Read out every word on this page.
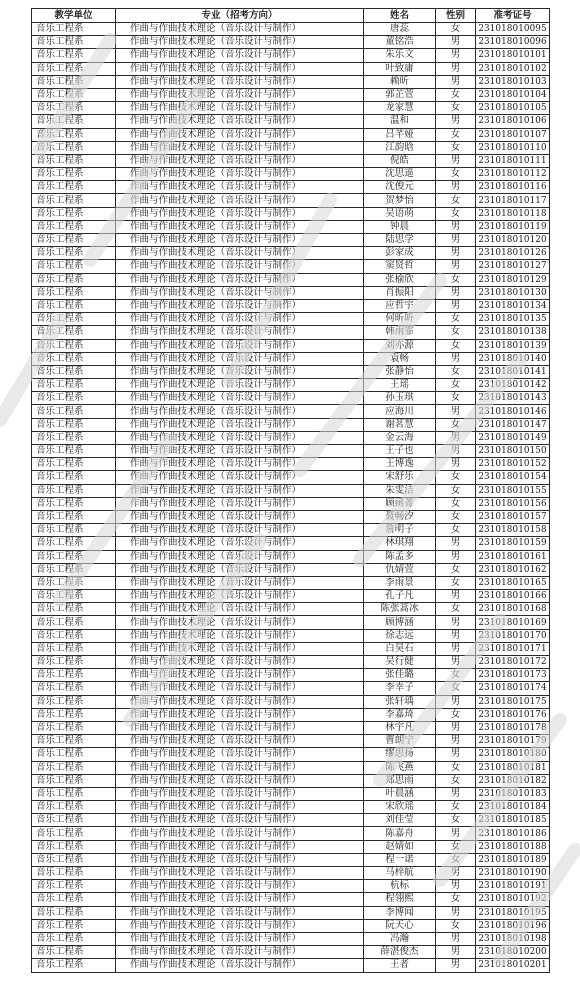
教学单位	专业（招考方向）	姓名	性别	准考证号
音乐工程系	作曲与作曲技术理论（音乐设计与制作）	唐蕊	女	231018010095
音乐工程系	作曲与作曲技术理论（音乐设计与制作）	董铭浩	男	231018010096
音乐工程系	作曲与作曲技术理论（音乐设计与制作）	朱乐文	男	231018010101
音乐工程系	作曲与作曲技术理论（音乐设计与制作）	叶致庸	男	231018010102
音乐工程系	作曲与作曲技术理论（音乐设计与制作）	赖昕	男	231018010103
音乐工程系	作曲与作曲技术理论（音乐设计与制作）	郭芷萱	女	231018010104
音乐工程系	作曲与作曲技术理论（音乐设计与制作）	龙家慧	女	231018010105
音乐工程系	作曲与作曲技术理论（音乐设计与制作）	温和	男	231018010106
音乐工程系	作曲与作曲技术理论（音乐设计与制作）	吕芊娅	女	231018010107
音乐工程系	作曲与作曲技术理论（音乐设计与制作）	江韵晗	女	231018010110
音乐工程系	作曲与作曲技术理论（音乐设计与制作）	倪皓	男	231018010111
音乐工程系	作曲与作曲技术理论（音乐设计与制作）	沈思遥	女	231018010112
音乐工程系	作曲与作曲技术理论（音乐设计与制作）	沈俊元	男	231018010116
音乐工程系	作曲与作曲技术理论（音乐设计与制作）	贺梦怡	女	231018010117
音乐工程系	作曲与作曲技术理论（音乐设计与制作）	吴语萌	女	231018010118
音乐工程系	作曲与作曲技术理论（音乐设计与制作）	钟晨	男	231018010119
音乐工程系	作曲与作曲技术理论（音乐设计与制作）	陆思学	男	231018010120
音乐工程系	作曲与作曲技术理论（音乐设计与制作）	彭家成	男	231018010126
音乐工程系	作曲与作曲技术理论（音乐设计与制作）	窦贤哲	男	231018010127
音乐工程系	作曲与作曲技术理论（音乐设计与制作）	张榆欣	女	231018010129
音乐工程系	作曲与作曲技术理论（音乐设计与制作）	肖振阳	男	231018010130
音乐工程系	作曲与作曲技术理论（音乐设计与制作）	应哲宇	男	231018010134
音乐工程系	作曲与作曲技术理论（音乐设计与制作）	何昕昕	女	231018010135
音乐工程系	作曲与作曲技术理论（音乐设计与制作）	韩雨霏	女	231018010138
音乐工程系	作曲与作曲技术理论（音乐设计与制作）	刘亦源	女	231018010139
音乐工程系	作曲与作曲技术理论（音乐设计与制作）	袁畅	男	231018010140
音乐工程系	作曲与作曲技术理论（音乐设计与制作）	张静怡	女	231018010141
音乐工程系	作曲与作曲技术理论（音乐设计与制作）	王瑶	女	231018010142
音乐工程系	作曲与作曲技术理论（音乐设计与制作）	孙玉琪	女	231018010143
音乐工程系	作曲与作曲技术理论（音乐设计与制作）	应海川	男	231018010146
音乐工程系	作曲与作曲技术理论（音乐设计与制作）	谢茗慧	女	231018010147
音乐工程系	作曲与作曲技术理论（音乐设计与制作）	金云海	男	231018010149
音乐工程系	作曲与作曲技术理论（音乐设计与制作）	王子也	男	231018010150
音乐工程系	作曲与作曲技术理论（音乐设计与制作）	王博逸	男	231018010152
音乐工程系	作曲与作曲技术理论（音乐设计与制作）	宋舒乐	女	231018010154
音乐工程系	作曲与作曲技术理论（音乐设计与制作）	朱雯洁	女	231018010155
音乐工程系	作曲与作曲技术理论（音乐设计与制作）	顾函菁	女	231018010156
音乐工程系	作曲与作曲技术理论（音乐设计与制作）	聂畅汐	女	231018010157
音乐工程系	作曲与作曲技术理论（音乐设计与制作）	詹明子	女	231018010158
音乐工程系	作曲与作曲技术理论（音乐设计与制作）	林琪翔	男	231018010159
音乐工程系	作曲与作曲技术理论（音乐设计与制作）	陈孟多	男	231018010161
音乐工程系	作曲与作曲技术理论（音乐设计与制作）	仇婧萱	女	231018010162
音乐工程系	作曲与作曲技术理论（音乐设计与制作）	李雨景	女	231018010165
音乐工程系	作曲与作曲技术理论（音乐设计与制作）	孔子凡	男	231018010166
音乐工程系	作曲与作曲技术理论（音乐设计与制作）	陈张蒿冰	女	231018010168
音乐工程系	作曲与作曲技术理论（音乐设计与制作）	顾博涵	男	231018010169
音乐工程系	作曲与作曲技术理论（音乐设计与制作）	徐志远	男	231018010170
音乐工程系	作曲与作曲技术理论（音乐设计与制作）	白昊石	男	231018010171
音乐工程系	作曲与作曲技术理论（音乐设计与制作）	吴行健	男	231018010172
音乐工程系	作曲与作曲技术理论（音乐设计与制作）	张佳璐	女	231018010173
音乐工程系	作曲与作曲技术理论（音乐设计与制作）	李幸子	女	231018010174
音乐工程系	作曲与作曲技术理论（音乐设计与制作）	张轩瑀	男	231018010175
音乐工程系	作曲与作曲技术理论（音乐设计与制作）	李嘉琦	女	231018010176
音乐工程系	作曲与作曲技术理论（音乐设计与制作）	林宇凡	男	231018010178
音乐工程系	作曲与作曲技术理论（音乐设计与制作）	曹朗宁	男	231018010179
音乐工程系	作曲与作曲技术理论（音乐设计与制作）	缪思扬	男	231018010180
音乐工程系	作曲与作曲技术理论（音乐设计与制作）	陈飞燕	女	231018010181
音乐工程系	作曲与作曲技术理论（音乐设计与制作）	郑思雨	女	231018010182
音乐工程系	作曲与作曲技术理论（音乐设计与制作）	叶晨涵	男	231018010183
音乐工程系	作曲与作曲技术理论（音乐设计与制作）	宋欣瑶	女	231018010184
音乐工程系	作曲与作曲技术理论（音乐设计与制作）	刘佳莹	女	231018010185
音乐工程系	作曲与作曲技术理论（音乐设计与制作）	陈嘉舟	男	231018010186
音乐工程系	作曲与作曲技术理论（音乐设计与制作）	赵婧如	女	231018010188
音乐工程系	作曲与作曲技术理论（音乐设计与制作）	程一诺	女	231018010189
音乐工程系	作曲与作曲技术理论（音乐设计与制作）	马梓航	男	231018010190
音乐工程系	作曲与作曲技术理论（音乐设计与制作）	杭标	男	231018010191
音乐工程系	作曲与作曲技术理论（音乐设计与制作）	程翎熙	女	231018010192
音乐工程系	作曲与作曲技术理论（音乐设计与制作）	李博闻	男	231018010195
音乐工程系	作曲与作曲技术理论（音乐设计与制作）	阮天心	女	231018010196
音乐工程系	作曲与作曲技术理论（音乐设计与制作）	冯瀚	男	231018010198
音乐工程系	作曲与作曲技术理论（音乐设计与制作）	薛湛俊杰	男	231018010200
音乐工程系	作曲与作曲技术理论（音乐设计与制作）	王者	男	231018010201
